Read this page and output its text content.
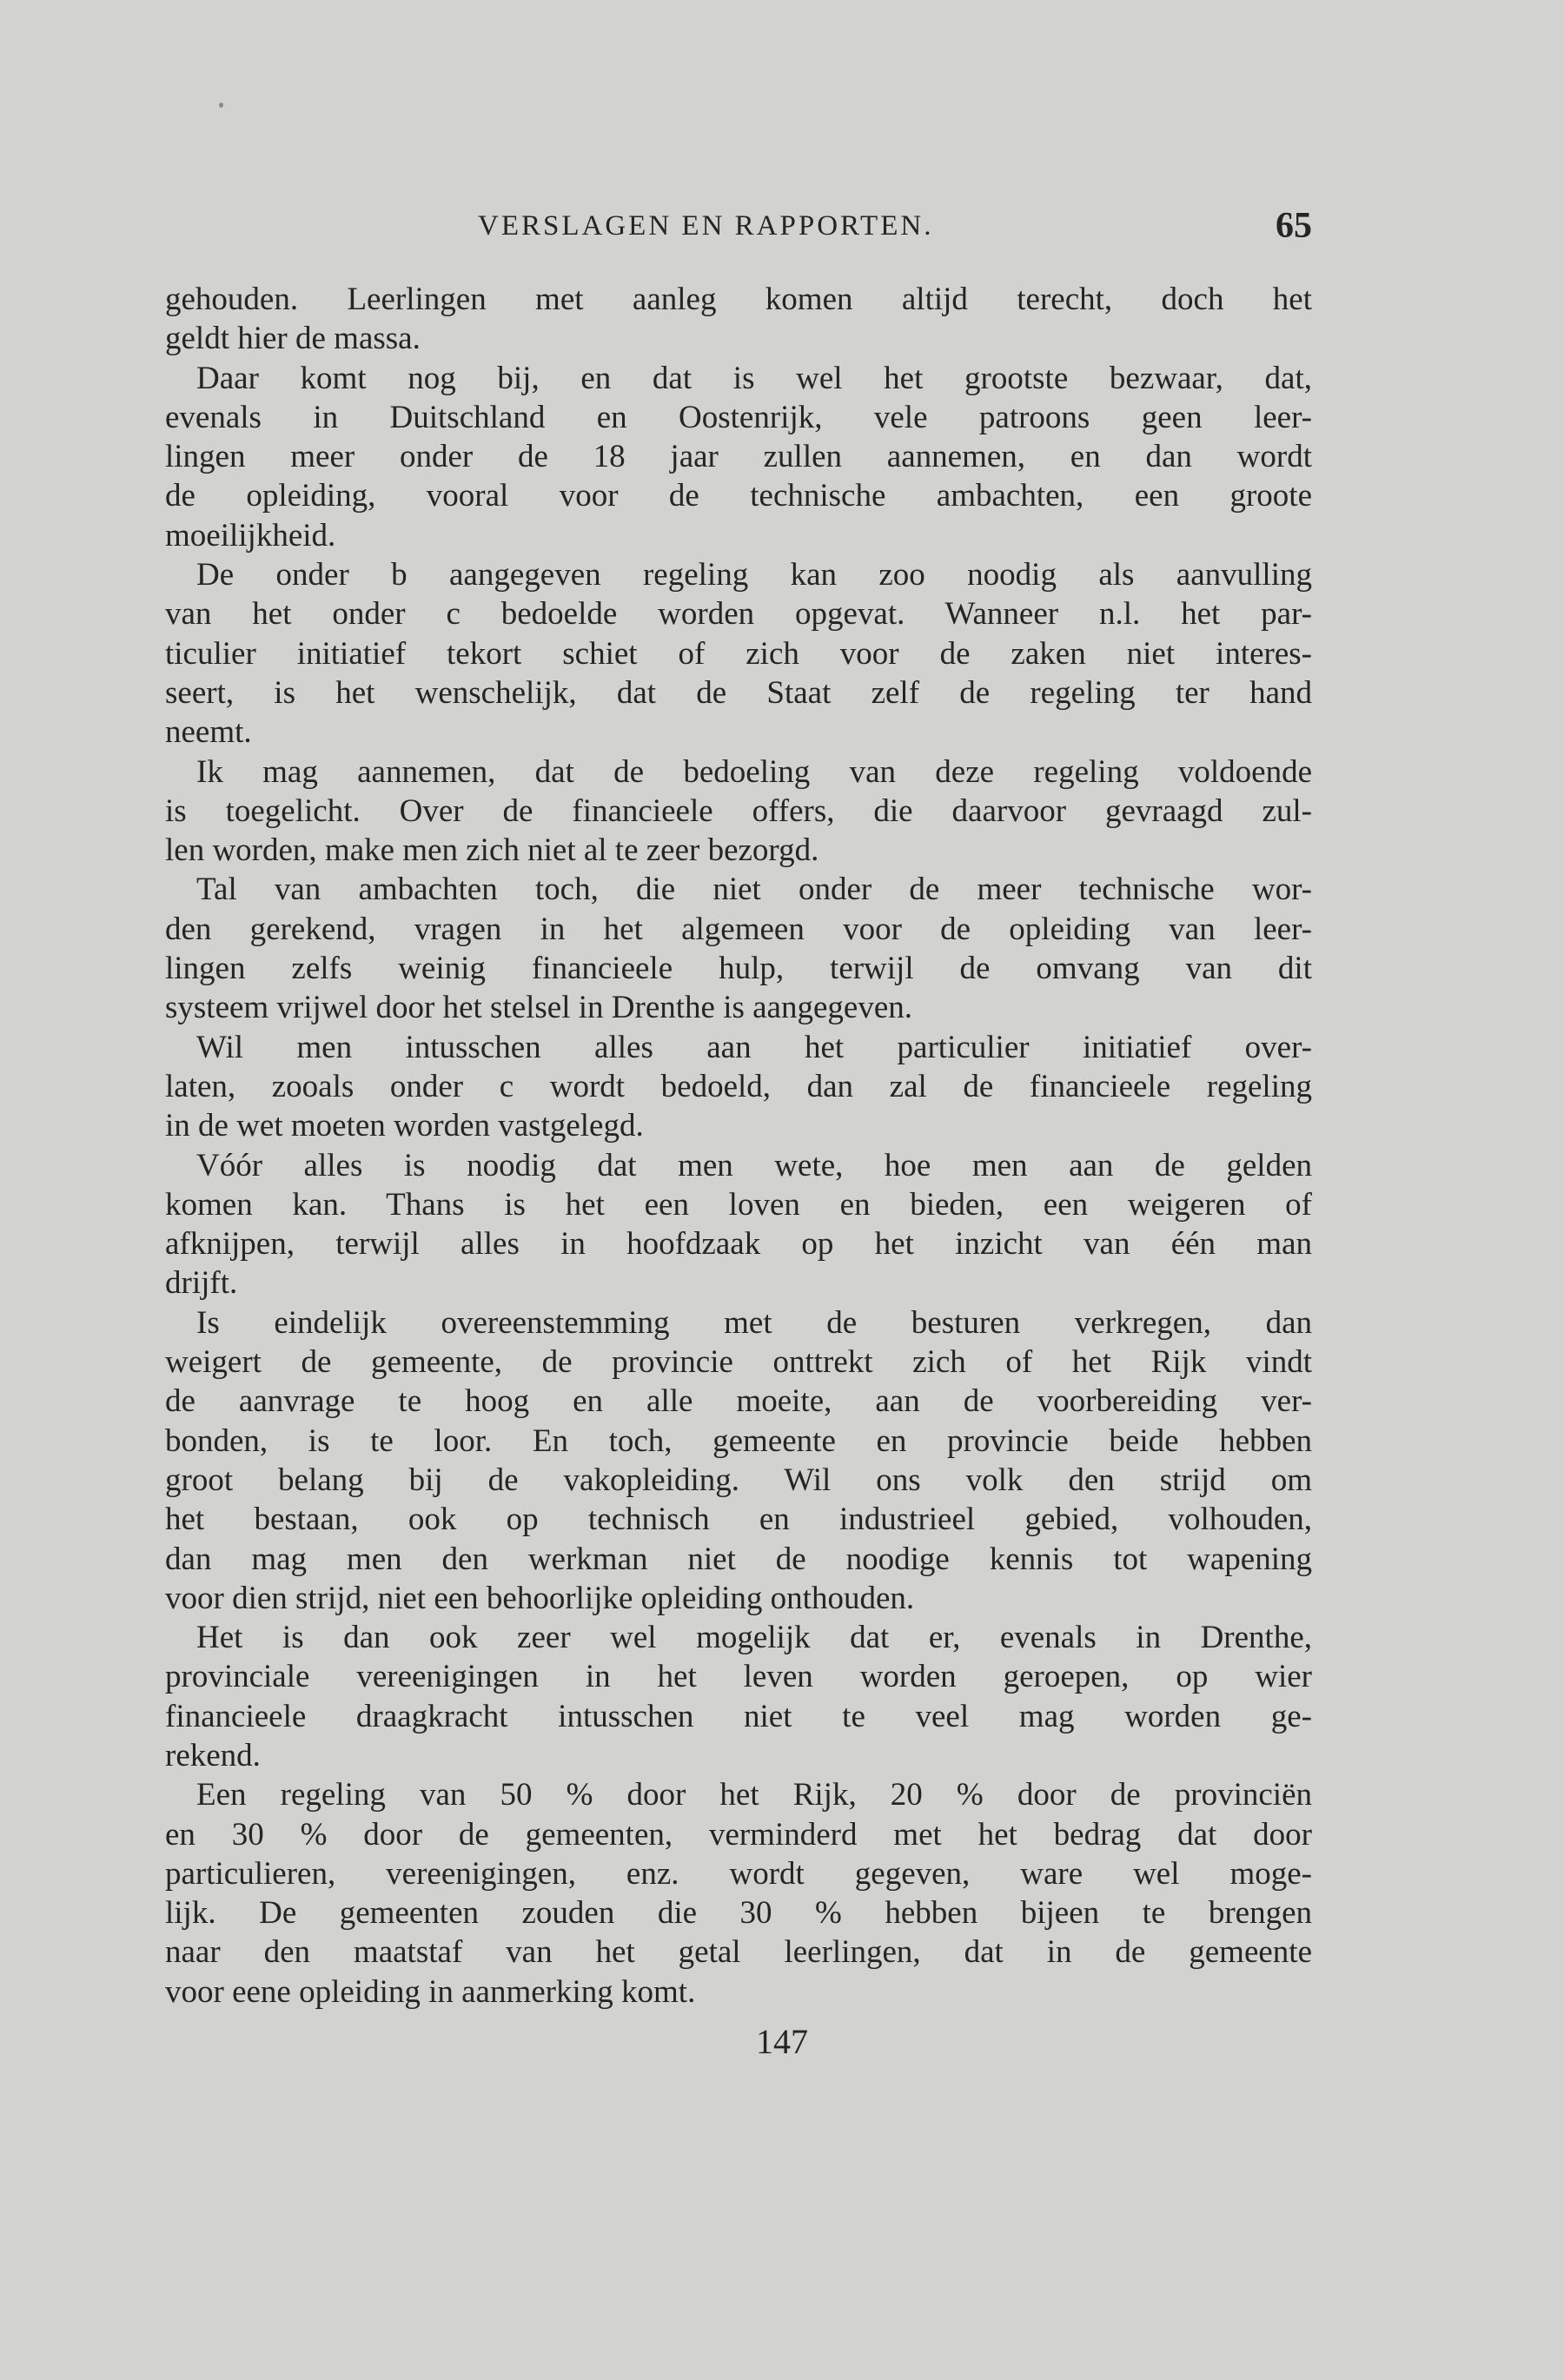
VERSLAGEN EN RAPPORTEN.	65
gehouden. Leerlingen met aanleg komen altijd terecht, doch het
geldt hier de massa.
Daar komt nog bij, en dat is wel het grootste bezwaar, dat,
evenals in Duitschland en Oostenrijk, vele patroons geen leer-
lingen meer onder de 18 jaar zullen aannemen, en dan wordt
de opleiding, vooral voor de technische ambachten, een groote
moeilijkheid.
De onder b aangegeven regeling kan zoo noodig als aanvulling
van het onder c bedoelde worden opgevat. Wanneer n.l. het par-
ticulier initiatief tekort schiet of zich voor de zaken niet interes-
seert, is het wenschelijk, dat de Staat zelf de regeling ter hand
neemt.
Ik mag aannemen, dat de bedoeling van deze regeling voldoende
is toegelicht. Over de financieele offers, die daarvoor gevraagd zul-
len worden, make men zich niet al te zeer bezorgd.
Tal van ambachten toch, die niet onder de meer technische wor-
den gerekend, vragen in het algemeen voor de opleiding van leer-
lingen zelfs weinig financieele hulp, terwijl de omvang van dit
systeem vrijwel door het stelsel in Drenthe is aangegeven.
Wil men intusschen alles aan het particulier initiatief over-
laten, zooals onder c wordt bedoeld, dan zal de financieele regeling
in de wet moeten worden vastgelegd.
Vóór alles is noodig dat men wete, hoe men aan de gelden
komen kan. Thans is het een loven en bieden, een weigeren of
afknijpen, terwijl alles in hoofdzaak op het inzicht van één man
drijft.
Is eindelijk overeenstemming met de besturen verkregen, dan
weigert de gemeente, de provincie onttrekt zich of het Rijk vindt
de aanvrage te hoog en alle moeite, aan de voorbereiding ver-
bonden, is te loor. En toch, gemeente en provincie beide hebben
groot belang bij de vakopleiding. Wil ons volk den strijd om
het bestaan, ook op technisch en industrieel gebied, volhouden,
dan mag men den werkman niet de noodige kennis tot wapening
voor dien strijd, niet een behoorlijke opleiding onthouden.
Het is dan ook zeer wel mogelijk dat er, evenals in Drenthe,
provinciale vereenigingen in het leven worden geroepen, op wier
financieele draagkracht intusschen niet te veel mag worden ge-
rekend.
Een regeling van 50 % door het Rijk, 20 % door de provinciën
en 30 % door de gemeenten, verminderd met het bedrag dat door
particulieren, vereenigingen, enz. wordt gegeven, ware wel moge-
lijk. De gemeenten zouden die 30 % hebben bijeen te brengen
naar den maatstaf van het getal leerlingen, dat in de gemeente
voor eene opleiding in aanmerking komt.
147
